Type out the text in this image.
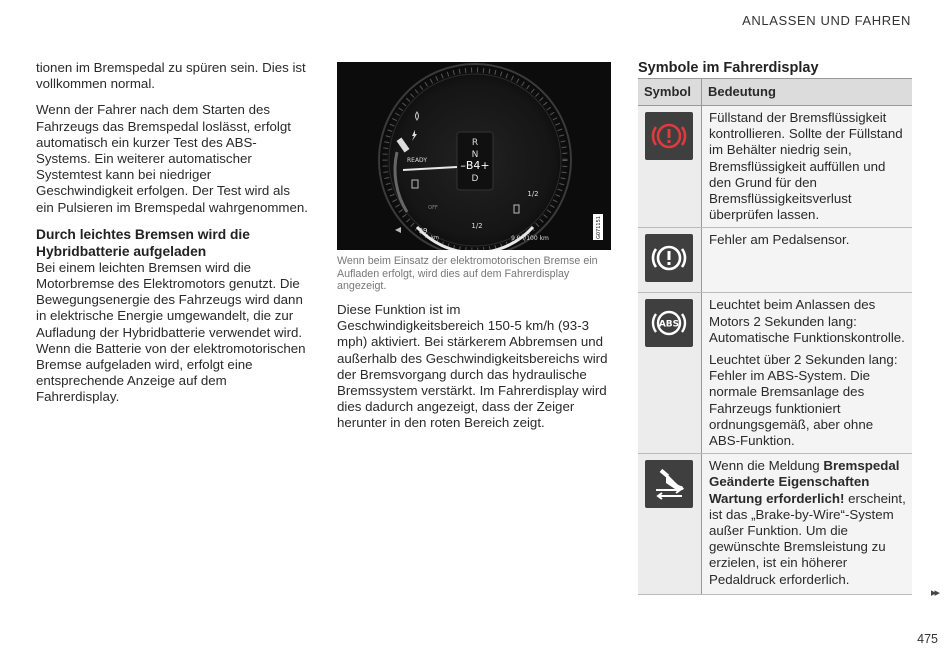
ANLASSEN UND FAHREN

tionen im Bremspedal zu spüren sein. Dies ist vollkommen normal.

Wenn der Fahrer nach dem Starten des Fahrzeugs das Bremspedal loslässt, erfolgt automatisch ein kurzer Test des ABS-Systems. Ein weiterer automatischer Systemtest kann bei niedriger Geschwindigkeit erfolgen. Der Test wird als ein Pulsieren im Bremspedal wahrgenommen.

Durch leichtes Bremsen wird die Hybridbatterie aufgeladen

Bei einem leichten Bremsen wird die Motorbremse des Elektromotors genutzt. Die Bewegungsenergie des Fahrzeugs wird dann in elektrische Energie umgewandelt, die zur Aufladung der Hybridbatterie verwendet wird. Wenn die Batterie von der elektromotorischen Bremse aufgeladen wird, erfolgt eine entsprechende Anzeige auf dem Fahrerdisplay.

R
N
–B4+
D
READY
OFF
1/2
1/2
99
km	9.9 l/100 km	G071151
Wenn beim Einsatz der elektromotorischen Bremse ein Aufladen erfolgt, wird dies auf dem Fahrerdisplay angezeigt.

Diese Funktion ist im Geschwindigkeitsbereich 150-5 km/h (93-3 mph) aktiviert. Bei stärkerem Abbremsen und außerhalb des Geschwindigkeitsbereichs wird der Bremsvorgang durch das hydraulische Bremssystem verstärkt. Im Fahrerdisplay wird dies dadurch angezeigt, dass der Zeiger herunter in den roten Bereich zeigt.

Symbole im Fahrerdisplay
Symbol	Bedeutung

Füllstand der Bremsflüssigkeit kontrollieren. Sollte der Füllstand im Behälter niedrig sein, Bremsflüssigkeit auffüllen und den Grund für den Bremsflüssigkeitsverlust überprüfen lassen.

Fehler am Pedalsensor.

ABS	Leuchtet beim Anlassen des Motors 2 Sekunden lang: Automatische Funktionskontrolle.

Leuchtet über 2 Sekunden lang: Fehler im ABS-System. Die normale Bremsanlage des Fahrzeugs funktioniert ordnungsgemäß, aber ohne ABS-Funktion.

Wenn die Meldung Bremspedal Geänderte Eigenschaften Wartung erforderlich! erscheint, ist das „Brake-by-Wire“-System außer Funktion. Um die gewünschte Bremsleistung zu erzielen, ist ein höherer Pedaldruck erforderlich.

▸▸
475
